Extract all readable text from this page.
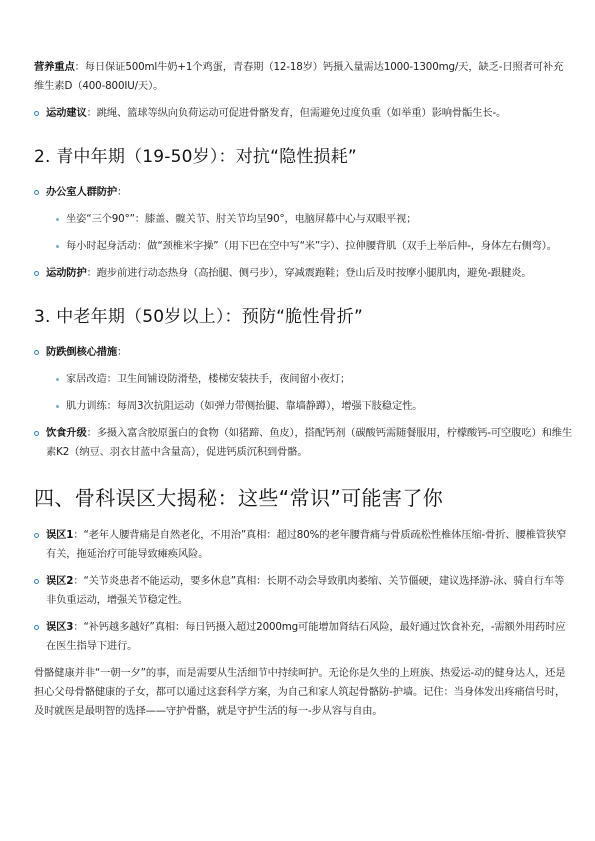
营养重点：每日保证500ml牛奶+1个鸡蛋，青春期（12-18岁）钙摄入量需达1000-1300mg/天，缺乏-日照者可补充维生素D（400-800IU/天）。

运动建议：跳绳、篮球等纵向负荷运动可促进骨骼发育，但需避免过度负重（如举重）影响骨骺生长-。

2. 青中年期（19-50岁）：对抗“隐性损耗”

办公室人群防护：

坐姿“三个90°”：膝盖、髋关节、肘关节均呈90°，电脑屏幕中心与双眼平视；

每小时起身活动：做“颈椎米字操”（用下巴在空中写“米”字）、拉伸腰背肌（双手上举后伸-，身体左右侧弯）。

运动防护：跑步前进行动态热身（高抬腿、侧弓步），穿减震跑鞋；登山后及时按摩小腿肌肉，避免-跟腱炎。

3. 中老年期（50岁以上）：预防“脆性骨折”

防跌倒核心措施：

家居改造：卫生间铺设防滑垫，楼梯安装扶手，夜间留小夜灯；

肌力训练：每周3次抗阻运动（如弹力带侧抬腿、靠墙静蹲），增强下肢稳定性。

饮食升级：多摄入富含胶原蛋白的食物（如猪蹄、鱼皮），搭配钙剂（碳酸钙需随餐服用，柠檬酸钙-可空腹吃）和维生素K2（纳豆、羽衣甘蓝中含量高），促进钙质沉积到骨骼。

四、骨科误区大揭秘：这些“常识”可能害了你

误区1：“老年人腰背痛是自然老化，不用治”真相：超过80%的老年腰背痛与骨质疏松性椎体压缩-骨折、腰椎管狭窄有关，拖延治疗可能导致瘫痪风险。

误区2：“关节炎患者不能运动，要多休息”真相：长期不动会导致肌肉萎缩、关节僵硬，建议选择游-泳、骑自行车等非负重运动，增强关节稳定性。

误区3：“补钙越多越好”真相：每日钙摄入超过2000mg可能增加肾结石风险，最好通过饮食补充，-需额外用药时应在医生指导下进行。

骨骼健康并非“一朝一夕”的事，而是需要从生活细节中持续呵护。无论你是久坐的上班族、热爱运-动的健身达人，还是担心父母骨骼健康的子女，都可以通过这套科学方案，为自己和家人筑起骨骼防-护墙。记住：当身体发出疼痛信号时，及时就医是最明智的选择——守护骨骼，就是守护生活的每一-步从容与自由。
